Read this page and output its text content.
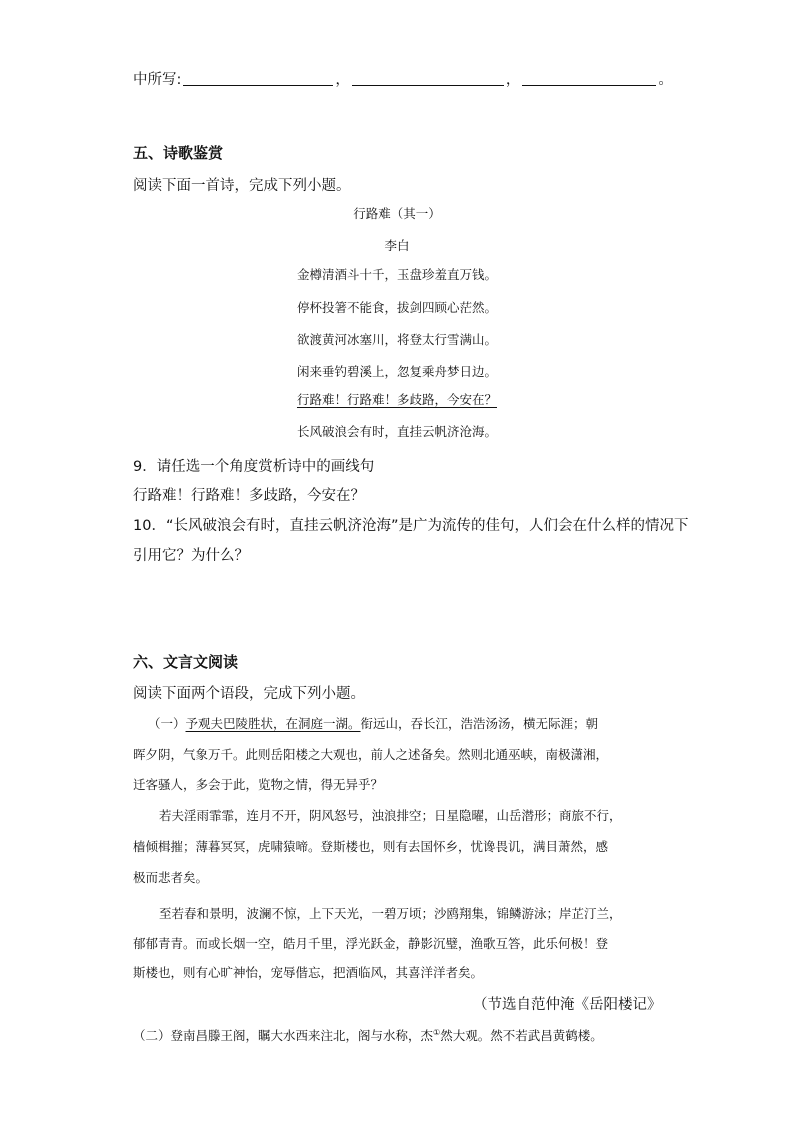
中所写:	，	，	。
五、诗歌鉴赏
阅读下面一首诗，完成下列小题。
行路难（其一）
李白
金樽清酒斗十千，玉盘珍羞直万钱。
停杯投箸不能食，拔剑四顾心茫然。
欲渡黄河冰塞川，将登太行雪满山。
闲来垂钓碧溪上，忽复乘舟梦日边。
行路难！行路难！多歧路，今安在？
长风破浪会有时，直挂云帆济沧海。
9．请任选一个角度赏析诗中的画线句
行路难！行路难！多歧路，今安在？
10．“长风破浪会有时，直挂云帆济沧海”是广为流传的佳句，人们会在什么样的情况下
引用它？为什么？
六、文言文阅读
阅读下面两个语段，完成下列小题。
（一）予观夫巴陵胜状，在洞庭一湖。衔远山，吞长江，浩浩汤汤，横无际涯；朝
晖夕阴，气象万千。此则岳阳楼之大观也，前人之述备矣。然则北通巫峡，南极潇湘，
迁客骚人，多会于此，览物之情，得无异乎？
若夫淫雨霏霏，连月不开，阴风怒号，浊浪排空；日星隐曜，山岳潜形；商旅不行，
樯倾楫摧；薄暮冥冥，虎啸猿啼。登斯楼也，则有去国怀乡，忧谗畏讥，满目萧然，感
极而悲者矣。
至若春和景明，波澜不惊，上下天光，一碧万顷；沙鸥翔集，锦鳞游泳；岸芷汀兰，
郁郁青青。而或长烟一空，皓月千里，浮光跃金，静影沉璧，渔歌互答，此乐何极！登
斯楼也，则有心旷神怡，宠辱偕忘，把酒临风，其喜洋洋者矣。
（节选自范仲淹《岳阳楼记》
（二）登南昌滕王阁，瞩大水西来注北，阁与水称，杰①然大观。然不若武昌黄鹤楼。
